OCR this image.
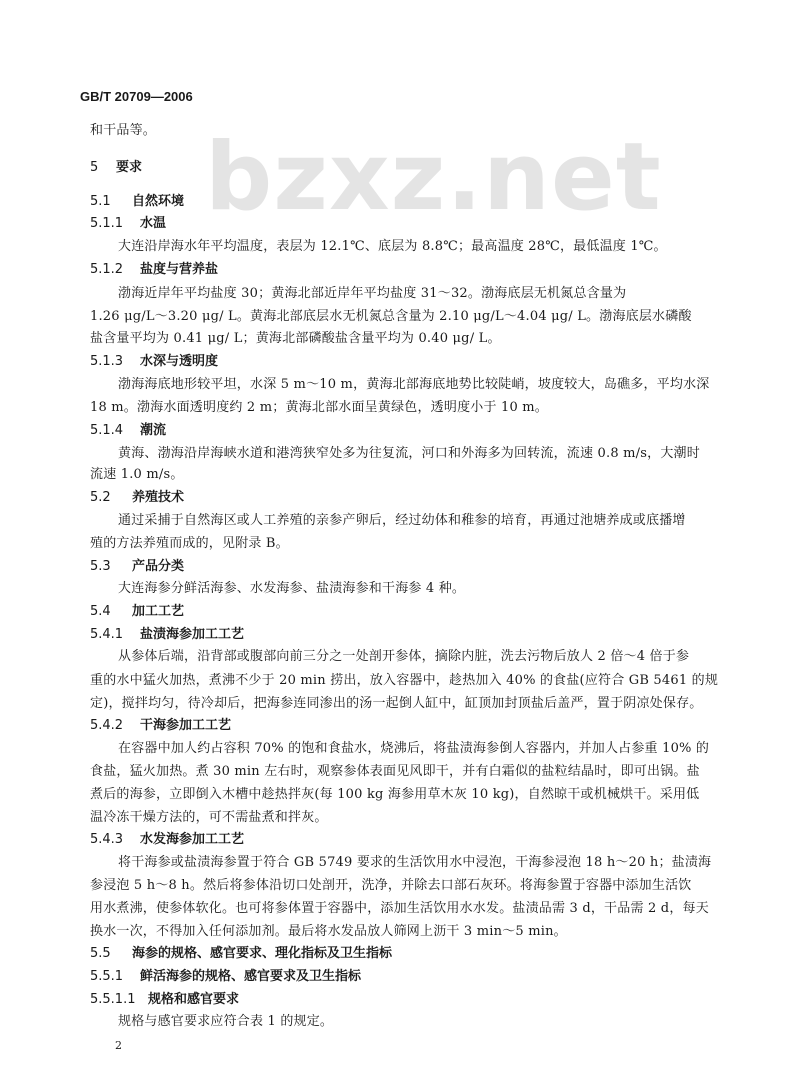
bzxz.net
GB/T 20709—2006
和干品等。
5 要求
5.1 自然环境
5.1.1 水温
大连沿岸海水年平均温度，表层为 12.1℃、底层为 8.8℃；最高温度 28℃，最低温度 1℃。
5.1.2 盐度与营养盐
渤海近岸年平均盐度 30；黄海北部近岸年平均盐度 31～32。渤海底层无机氮总含量为
1.26 μg/L～3.20 μg/ L。黄海北部底层水无机氮总含量为 2.10 μg/L～4.04 μg/ L。渤海底层水磷酸
盐含量平均为 0.41 μg/ L；黄海北部磷酸盐含量平均为 0.40 μg/ L。
5.1.3 水深与透明度
渤海海底地形较平坦，水深 5 m～10 m，黄海北部海底地势比较陡峭，坡度较大，岛礁多，平均水深
18 m。渤海水面透明度约 2 m；黄海北部水面呈黄绿色，透明度小于 10 m。
5.1.4 潮流
黄海、渤海沿岸海峡水道和港湾狭窄处多为往复流，河口和外海多为回转流，流速 0.8 m/s，大潮时
流速 1.0 m/s。
5.2 养殖技术
通过采捕于自然海区或人工养殖的亲参产卵后，经过幼体和稚参的培育，再通过池塘养成或底播增
殖的方法养殖而成的，见附录 B。
5.3 产品分类
大连海参分鲜活海参、水发海参、盐渍海参和干海参 4 种。
5.4 加工工艺
5.4.1 盐渍海参加工工艺
从参体后端，沿背部或腹部向前三分之一处剖开参体，摘除内脏，洗去污物后放人 2 倍～4 倍于参
重的水中猛火加热，煮沸不少于 20 min 捞出，放入容器中，趁热加入 40% 的食盐(应符合 GB 5461 的规
定)，搅拌均匀，待冷却后，把海参连同渗出的汤一起倒人缸中，缸顶加封顶盐后盖严，置于阴凉处保存。
5.4.2 干海参加工工艺
在容器中加人约占容积 70% 的饱和食盐水，烧沸后，将盐渍海参倒人容器内，并加人占参重 10% 的
食盐，猛火加热。煮 30 min 左右时，观察参体表面见风即干，并有白霜似的盐粒结晶时，即可出锅。盐
煮后的海参，立即倒入木槽中趁热拌灰(每 100 kg 海参用草木灰 10 kg)，自然晾干或机械烘干。采用低
温冷冻干燥方法的，可不需盐煮和拌灰。
5.4.3 水发海参加工工艺
将干海参或盐渍海参置于符合 GB 5749 要求的生活饮用水中浸泡，干海参浸泡 18 h～20 h；盐渍海
参浸泡 5 h～8 h。然后将参体沿切口处剖开，洗净，并除去口部石灰环。将海参置于容器中添加生活饮
用水煮沸，使参体软化。也可将参体置于容器中，添加生活饮用水水发。盐渍品需 3 d，干品需 2 d，每天
换水一次，不得加入任何添加剂。最后将水发品放人筛网上沥干 3 min～5 min。
5.5 海参的规格、感官要求、理化指标及卫生指标
5.5.1 鲜活海参的规格、感官要求及卫生指标
5.5.1.1 规格和感官要求
规格与感官要求应符合表 1 的规定。
2
